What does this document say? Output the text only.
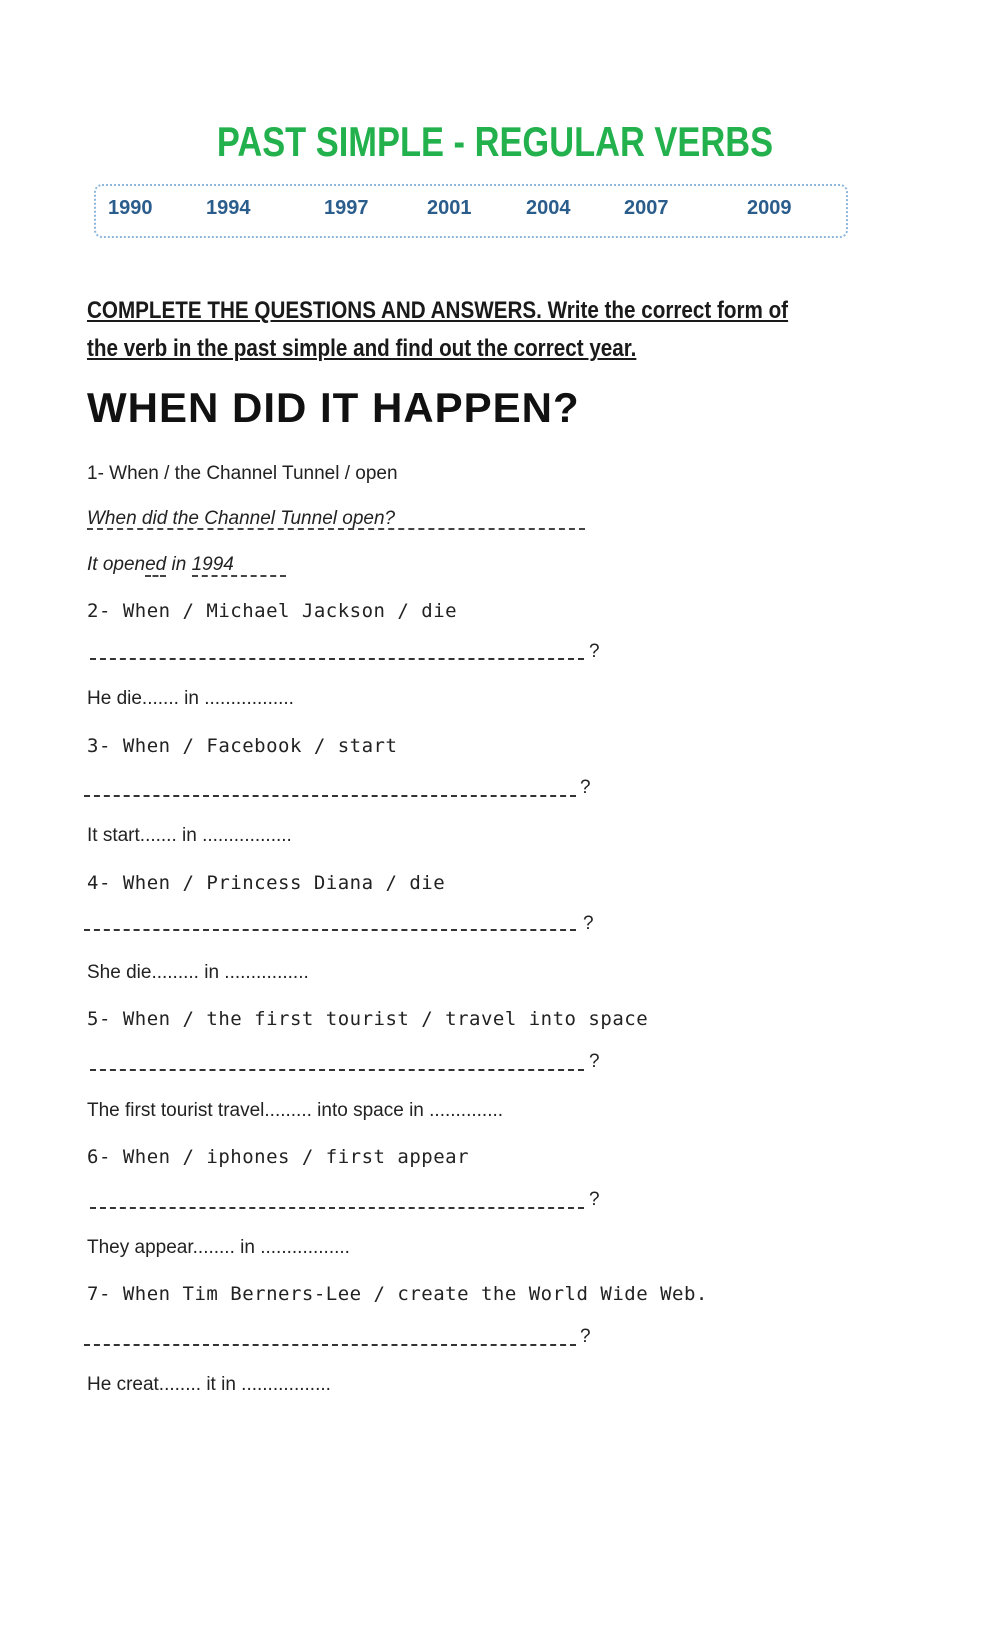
PAST SIMPLE - REGULAR VERBS
1990	1994	1997	2001	2004	2007	2009
COMPLETE THE QUESTIONS AND ANSWERS. Write the correct form of the verb in the past simple and find out the correct year.
WHEN DID IT HAPPEN?
1- When / the Channel Tunnel / open
When did the Channel Tunnel open?
It opened in 1994
2- When / Michael Jackson / die
?
He die....... in .................
3- When / Facebook / start
?
It start....... in .................
4- When / Princess Diana / die
?
She die......... in ................
5- When / the first tourist / travel into space
?
The first tourist travel......... into space in ..............
6- When / iphones / first appear
?
They appear........ in .................
7- When Tim Berners-Lee / create the World Wide Web.
?
He creat........ it in .................
